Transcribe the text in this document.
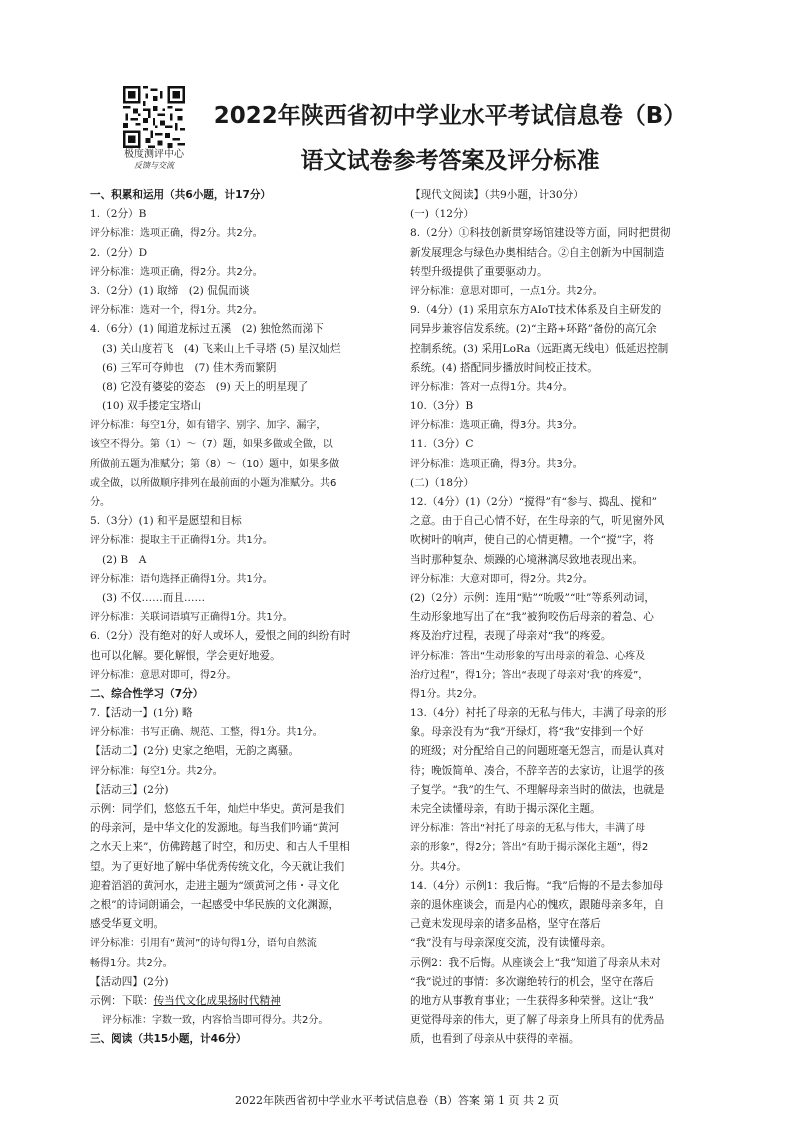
极度测评中心
反馈与交流
2022年陕西省初中学业水平考试信息卷（B）
语文试卷参考答案及评分标准
一、积累和运用（共6小题，计17分）
1.（2分）B
评分标准：选项正确，得2分。共2分。
2.（2分）D
评分标准：选项正确，得2分。共2分。
3.（2分）(1) 取缔　(2) 侃侃而谈
评分标准：选对一个，得1分。共2分。
4.（6分）(1) 闻道龙标过五溪　(2) 独怆然而涕下
(3) 关山度若飞　(4) 飞来山上千寻塔 (5) 星汉灿烂
(6) 三军可夺帅也　(7) 佳木秀而繁阴
(8) 它没有婆娑的姿态　(9) 天上的明星现了
(10) 双手搂定宝塔山
评分标准：每空1分，如有错字、别字、加字、漏字，
该空不得分。第（1）～（7）题，如果多做或全做，以
所做前五题为准赋分；第（8）～（10）题中，如果多做
或全做，以所做顺序排列在最前面的小题为准赋分。共6
分。
5.（3分）(1) 和平是愿望和目标
评分标准：提取主干正确得1分。共1分。
(2) B　A
评分标准：语句选择正确得1分。共1分。
(3) 不仅……而且……
评分标准：关联词语填写正确得1分。共1分。
6.（2分）没有绝对的好人或坏人，爱恨之间的纠纷有时
也可以化解。要化解恨，学会更好地爱。
评分标准：意思对即可，得2分。
二、综合性学习（7分）
7.【活动一】(1分) 略
评分标准：书写正确、规范、工整，得1分。共1分。
【活动二】(2分) 史家之绝唱，无韵之离骚。
评分标准：每空1分。共2分。
【活动三】(2分)
示例：同学们，悠悠五千年，灿烂中华史。黄河是我们
的母亲河，是中华文化的发源地。每当我们吟诵“黄河
之水天上来”，仿佛跨越了时空，和历史、和古人千里相
望。为了更好地了解中华优秀传统文化，今天就让我们
迎着滔滔的黄河水，走进主题为“颂黄河之伟・寻文化
之根”的诗词朗诵会，一起感受中华民族的文化渊源，
感受华夏文明。
评分标准：引用有“黄河”的诗句得1分，语句自然流
畅得1分。共2分。
【活动四】(2分)
示例：下联：传当代文化成果扬时代精神
评分标准：字数一致，内容恰当即可得分。共2分。
三、阅读（共15小题，计46分）
【现代文阅读】（共9小题，计30分）
(一)（12分）
8.（2分）①科技创新贯穿场馆建设等方面，同时把贯彻
新发展理念与绿色办奥相结合。②自主创新为中国制造
转型升级提供了重要驱动力。
评分标准：意思对即可，一点1分。共2分。
9.（4分）(1) 采用京东方AIoT技术体系及自主研发的
同异步兼容信发系统。(2)“主路+环路”备份的高冗余
控制系统。(3) 采用LoRa（远距离无线电）低延迟控制
系统。(4) 搭配同步播放时间校正技术。
评分标准：答对一点得1分。共4分。
10.（3分）B
评分标准：选项正确，得3分。共3分。
11.（3分）C
评分标准：选项正确，得3分。共3分。
(二)（18分）
12.（4分）(1)（2分）“搅得”有“参与、捣乱、搅和”
之意。由于自己心情不好，在生母亲的气，听见窗外风
吹树叶的响声，使自己的心情更糟。一个“搅”字，将
当时那种复杂、烦躁的心境淋漓尽致地表现出来。
评分标准：大意对即可，得2分。共2分。
(2)（2分）示例：连用“贴”“吮吸”“吐”等系列动词，
生动形象地写出了在“我”被狗咬伤后母亲的着急、心
疼及治疗过程，表现了母亲对“我”的疼爱。
评分标准：答出“生动形象的写出母亲的着急、心疼及
治疗过程”，得1分；答出“表现了母亲对‘我’的疼爱”，
得1分。共2分。
13.（4分）衬托了母亲的无私与伟大，丰满了母亲的形
象。母亲没有为“我”开绿灯，将“我”安排到一个好
的班级；对分配给自己的问题班毫无怨言，而是认真对
待；晚饭简单、凑合，不辞辛苦的去家访，让退学的孩
子复学。“我”的生气、不理解母亲当时的做法，也就是
未完全读懂母亲，有助于揭示深化主题。
评分标准：答出“衬托了母亲的无私与伟大，丰满了母
亲的形象”，得2分；答出“有助于揭示深化主题”，得2
分。共4分。
14.（4分）示例1：我后悔。“我”后悔的不是去参加母
亲的退休座谈会，而是内心的愧疚，跟随母亲多年，自
己竟未发现母亲的诸多品格，坚守在落后
“我”没有与母亲深度交流，没有读懂母亲。
示例2：我不后悔。从座谈会上“我”知道了母亲从未对
“我”说过的事情：多次谢绝转行的机会，坚守在落后
的地方从事教育事业；一生获得多种荣誉。这让“我”
更觉得母亲的伟大，更了解了母亲身上所具有的优秀品
质，也看到了母亲从中获得的幸福。
2022年陕西省初中学业水平考试信息卷（B）答案 第 1 页 共 2 页
